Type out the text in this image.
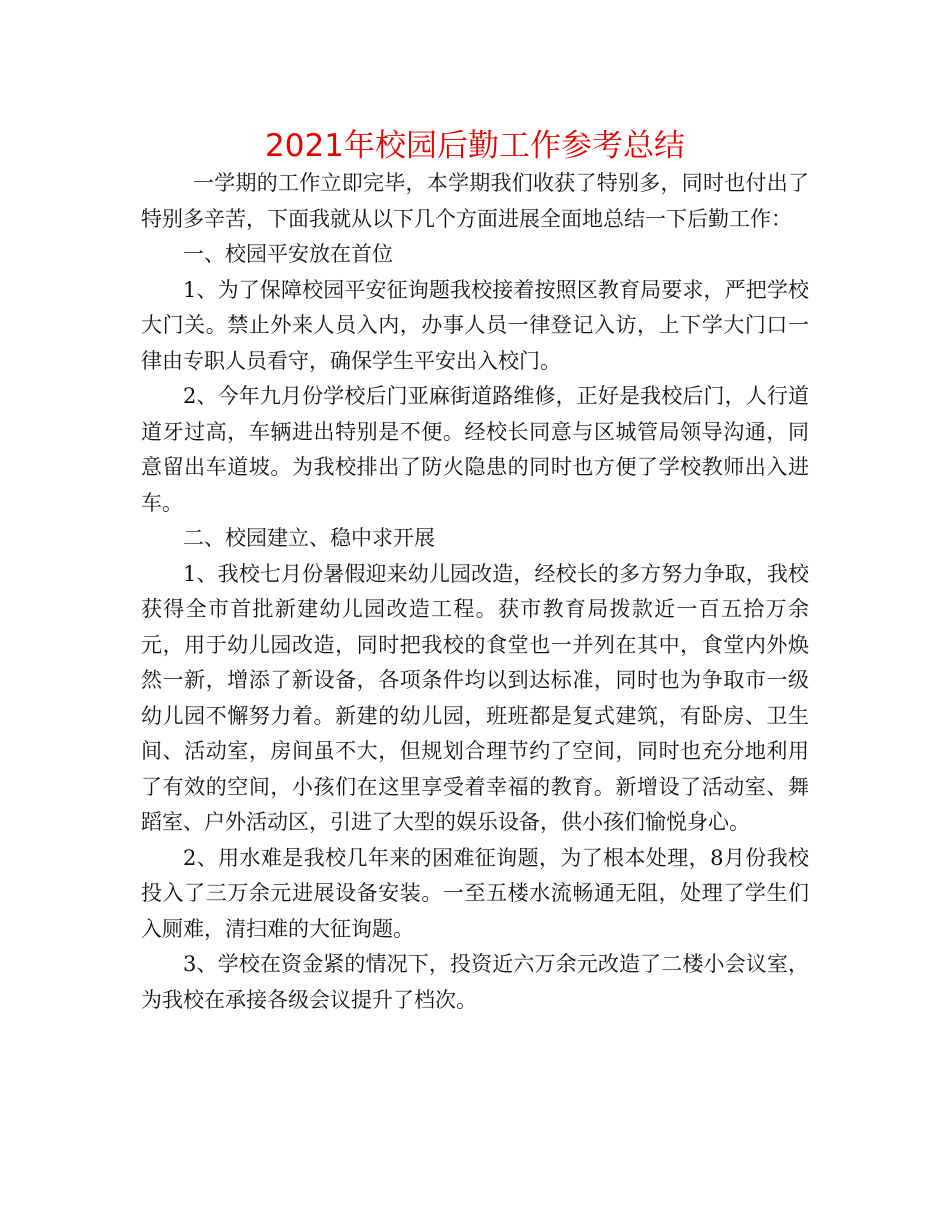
2021年校园后勤工作参考总结

一学期的工作立即完毕，本学期我们收获了特别多，同时也付出了特别多辛苦，下面我就从以下几个方面进展全面地总结一下后勤工作：

一、校园平安放在首位

1、为了保障校园平安征询题我校接着按照区教育局要求，严把学校大门关。禁止外来人员入内，办事人员一律登记入访，上下学大门口一律由专职人员看守，确保学生平安出入校门。

2、今年九月份学校后门亚麻街道路维修，正好是我校后门，人行道道牙过高，车辆进出特别是不便。经校长同意与区城管局领导沟通，同意留出车道坡。为我校排出了防火隐患的同时也方便了学校教师出入进车。

二、校园建立、稳中求开展

1、我校七月份暑假迎来幼儿园改造，经校长的多方努力争取，我校获得全市首批新建幼儿园改造工程。获市教育局拨款近一百五拾万余元，用于幼儿园改造，同时把我校的食堂也一并列在其中，食堂内外焕然一新，增添了新设备，各项条件均以到达标准，同时也为争取市一级幼儿园不懈努力着。新建的幼儿园，班班都是复式建筑，有卧房、卫生间、活动室，房间虽不大，但规划合理节约了空间，同时也充分地利用了有效的空间，小孩们在这里享受着幸福的教育。新增设了活动室、舞蹈室、户外活动区，引进了大型的娱乐设备，供小孩们愉悦身心。

2、用水难是我校几年来的困难征询题，为了根本处理，8月份我校投入了三万余元进展设备安装。一至五楼水流畅通无阻，处理了学生们入厕难，清扫难的大征询题。

3、学校在资金紧的情况下，投资近六万余元改造了二楼小会议室，为我校在承接各级会议提升了档次。
